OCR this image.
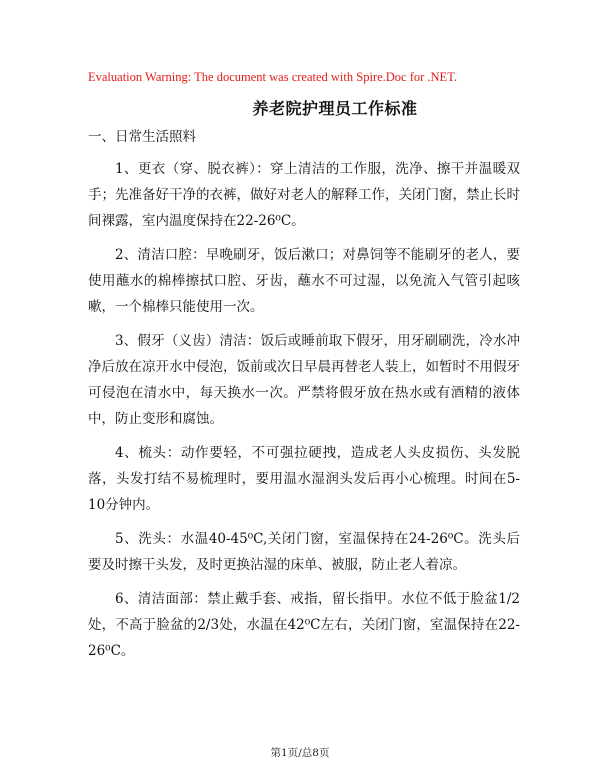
Evaluation Warning: The document was created with Spire.Doc for .NET.
养老院护理员工作标准

一、日常生活照料

1、更衣（穿、脱衣裤）：穿上清洁的工作服，洗净、擦干并温暖双手；先准备好干净的衣裤，做好对老人的解释工作，关闭门窗，禁止长时间裸露，室内温度保持在22-26⁰C。

2、清洁口腔：早晚刷牙，饭后漱口；对鼻饲等不能刷牙的老人，要使用蘸水的棉棒擦拭口腔、牙齿，蘸水不可过湿，以免流入气管引起咳嗽，一个棉棒只能使用一次。

3、假牙（义齿）清洁：饭后或睡前取下假牙，用牙刷刷洗，冷水冲净后放在凉开水中侵泡，饭前或次日早晨再替老人装上，如暂时不用假牙可侵泡在清水中，每天换水一次。严禁将假牙放在热水或有酒精的液体中，防止变形和腐蚀。

4、梳头：动作要轻，不可强拉硬拽，造成老人头皮损伤、头发脱落，头发打结不易梳理时，要用温水湿润头发后再小心梳理。时间在5-10分钟内。

5、洗头：水温40-45⁰C,关闭门窗，室温保持在24-26⁰C。洗头后要及时擦干头发，及时更换沾湿的床单、被服，防止老人着凉。

6、清洁面部：禁止戴手套、戒指，留长指甲。水位不低于脸盆1/2处，不高于脸盆的2/3处，水温在42⁰C左右，关闭门窗，室温保持在22-26⁰C。

第1页/总8页
